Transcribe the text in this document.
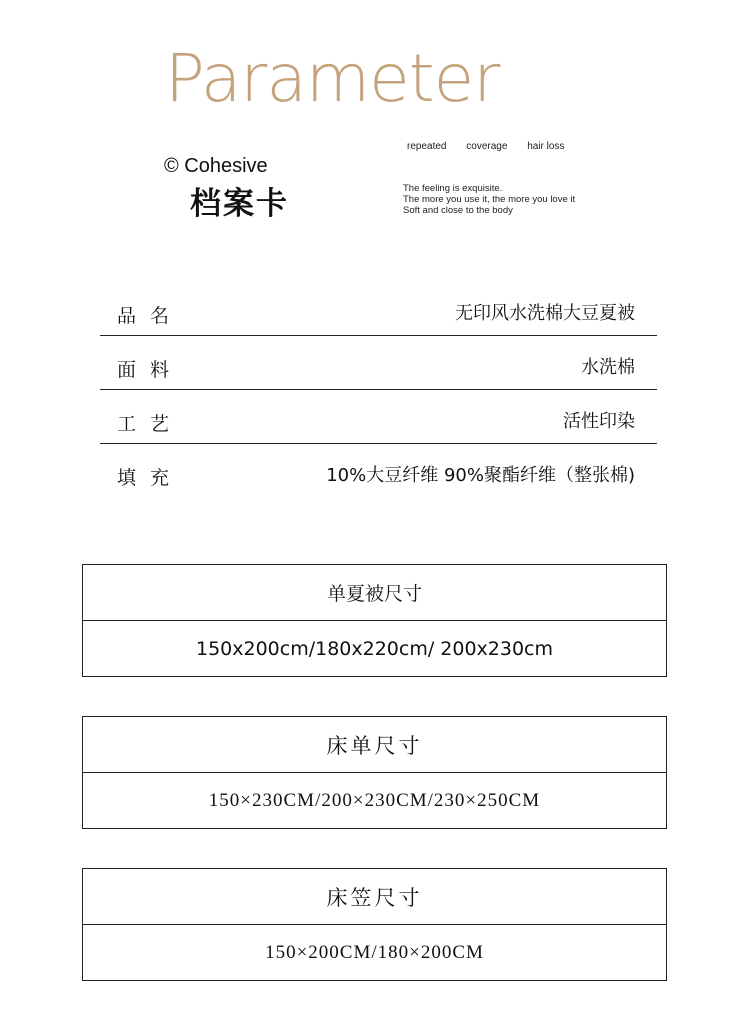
Parameter
© Cohesive
档案卡
repeated coverage hair loss
The feeling is exquisite.
The more you use it, the more you love it
Soft and close to the body
品名	无印风水洗棉大豆夏被
面料	水洗棉
工艺	活性印染
填充	10%大豆纤维 90%聚酯纤维（整张棉)
单夏被尺寸
150x200cm/180x220cm/ 200x230cm
床单尺寸
150×230CM/200×230CM/230×250CM
床笠尺寸
150×200CM/180×200CM
